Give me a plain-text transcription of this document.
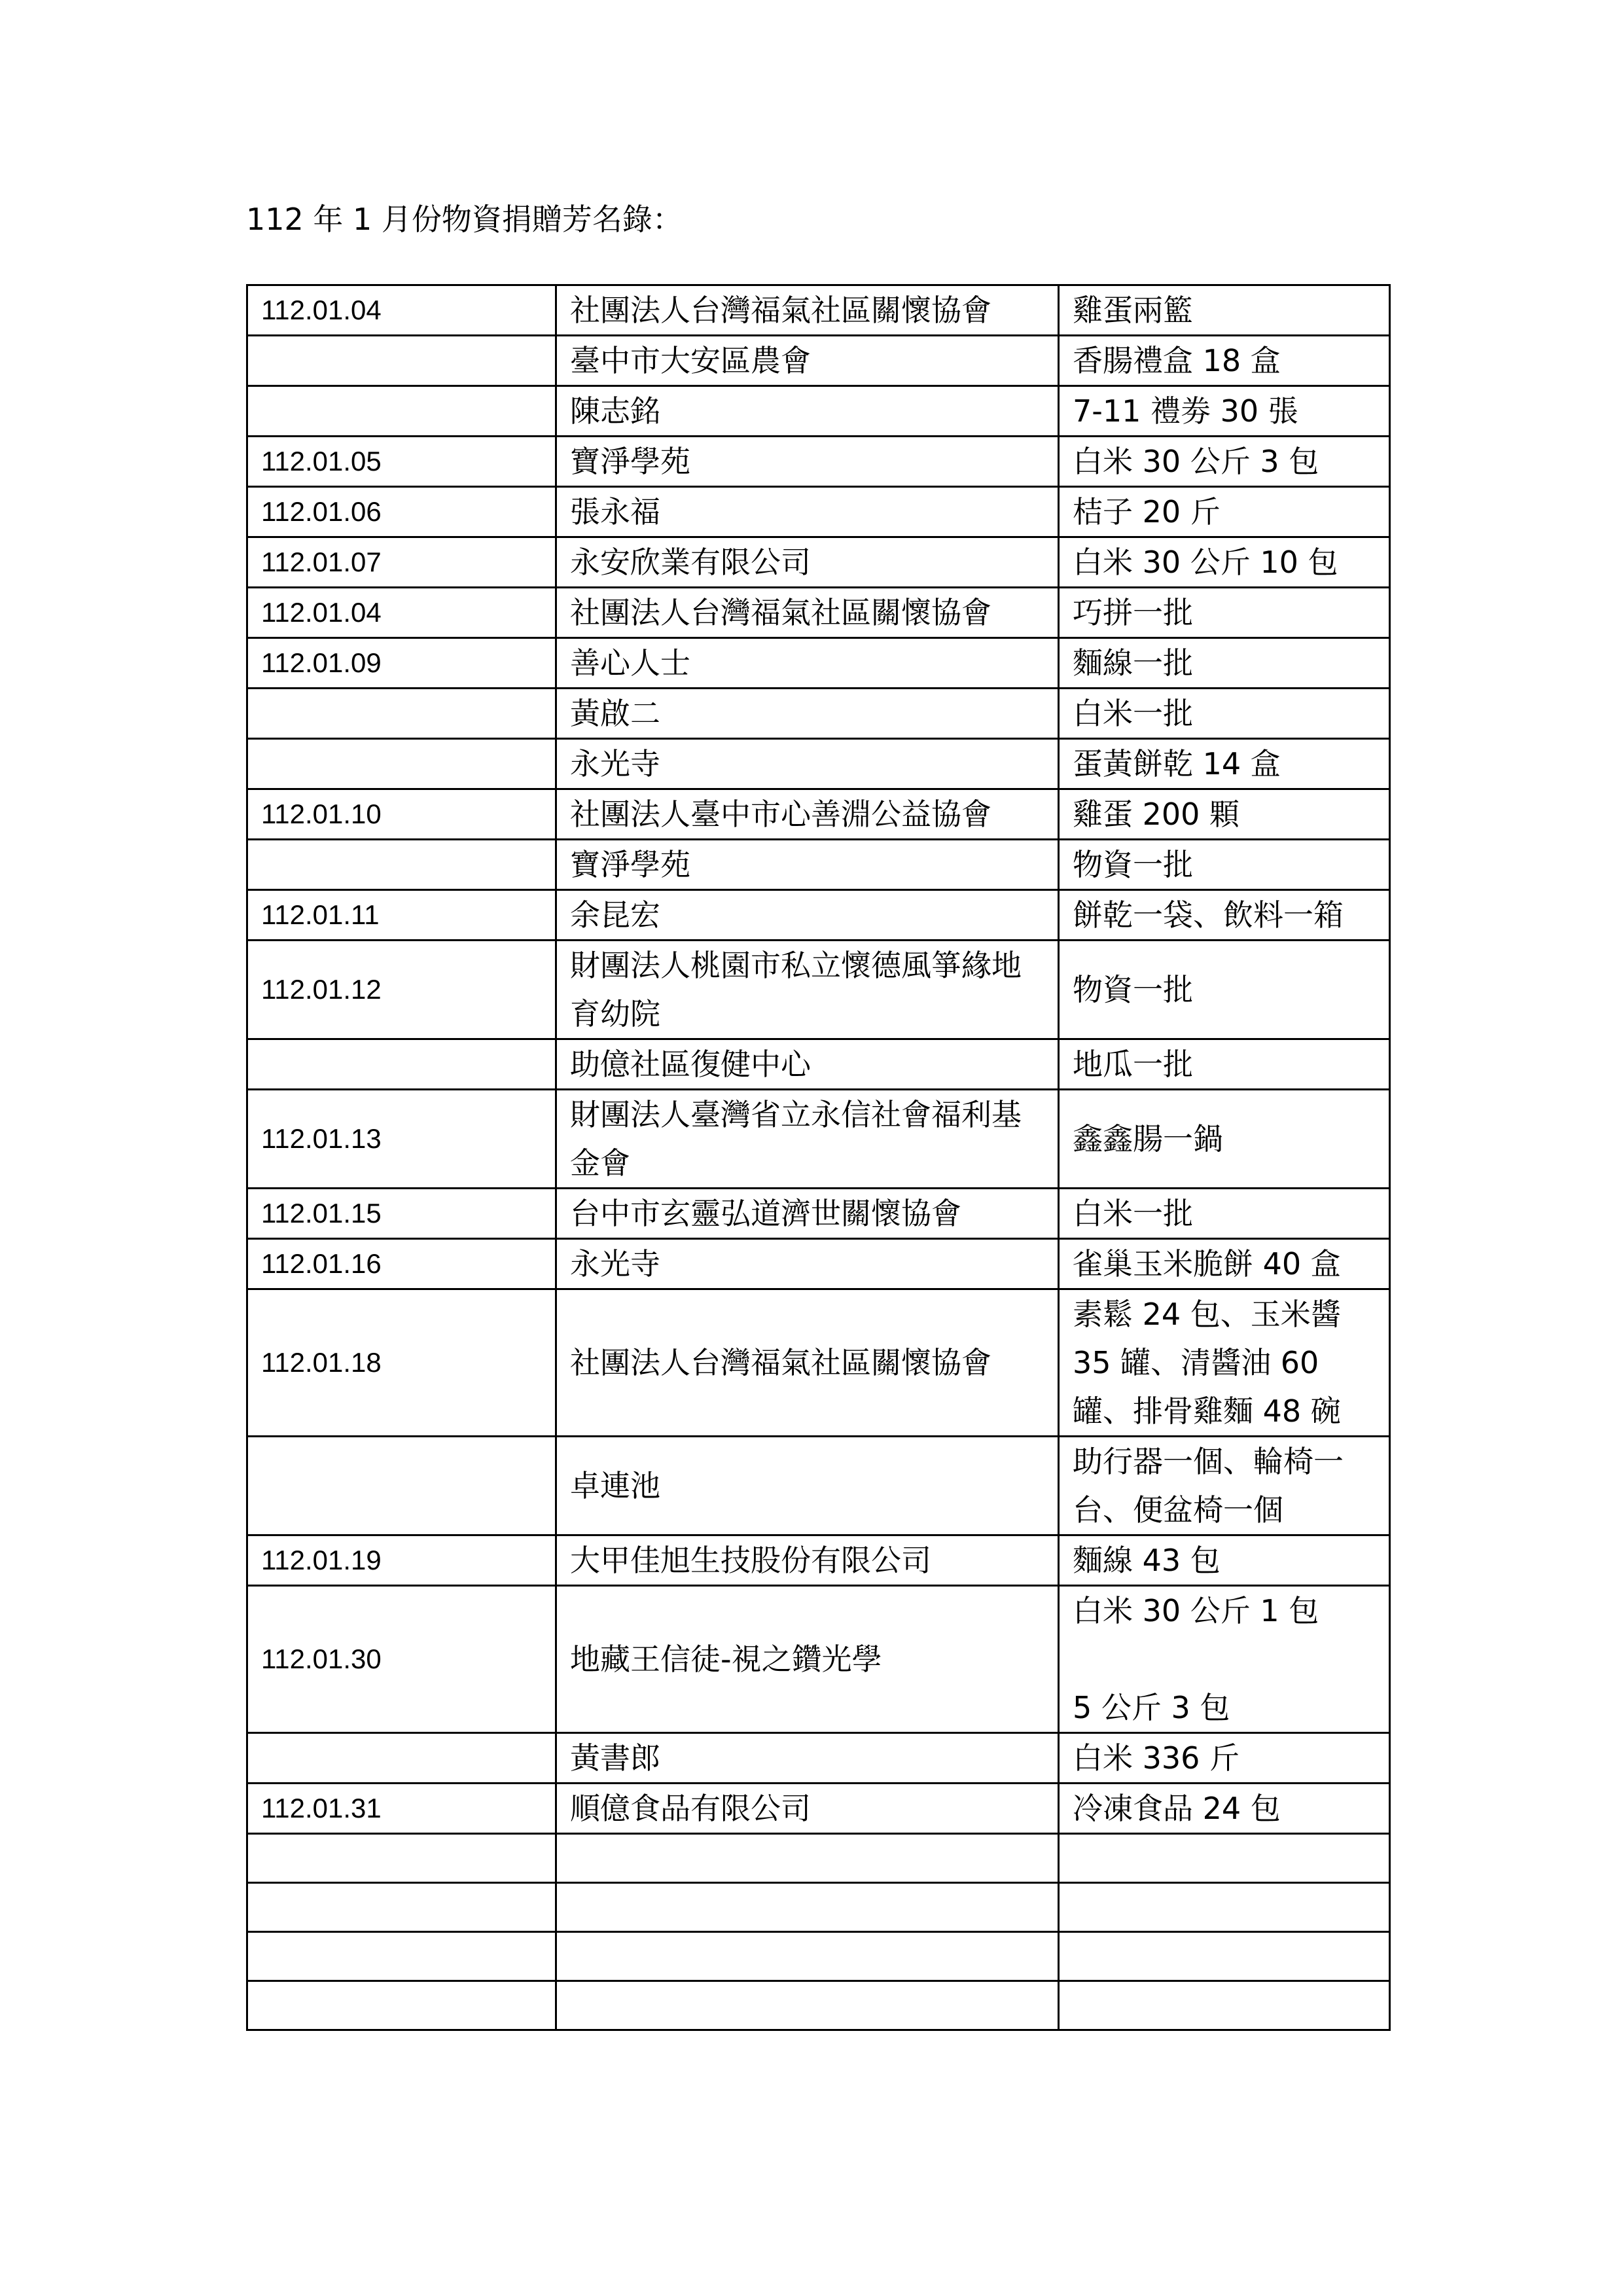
112 年 1 月份物資捐贈芳名錄：
112.01.04	社團法人台灣福氣社區關懷協會	雞蛋兩籃

	臺中市大安區農會	香腸禮盒 18 盒

	陳志銘	7-11 禮劵 30 張

112.01.05	寶淨學苑	白米 30 公斤 3 包

112.01.06	張永福	桔子 20 斤

112.01.07	永安欣業有限公司	白米 30 公斤 10 包

112.01.04	社團法人台灣福氣社區關懷協會	巧拼一批

112.01.09	善心人士	麵線一批

	黃啟二	白米一批

	永光寺	蛋黃餅乾 14 盒

112.01.10	社團法人臺中市心善淵公益協會	雞蛋 200 顆

	寶淨學苑	物資一批

112.01.11	余昆宏	餅乾一袋、飲料一箱

112.01.12	財團法人桃園市私立懷德風箏緣地育幼院	物資一批

	助億社區復健中心	地瓜一批

112.01.13	財團法人臺灣省立永信社會福利基金會	鑫鑫腸一鍋

112.01.15	台中市玄靈弘道濟世關懷協會	白米一批

112.01.16	永光寺	雀巢玉米脆餅 40 盒

112.01.18	社團法人台灣福氣社區關懷協會	素鬆 24 包、玉米醬 35 罐、清醬油 60 罐、排骨雞麵 48 碗

	卓連池	助行器一個、輪椅一台、便盆椅一個

112.01.19	大甲佳旭生技股份有限公司	麵線 43 包

112.01.30	地藏王信徒-視之鑽光學	白米 30 公斤 1 包
5 公斤 3 包

	黃書郎	白米 336 斤

112.01.31	順億食品有限公司	冷凍食品 24 包
